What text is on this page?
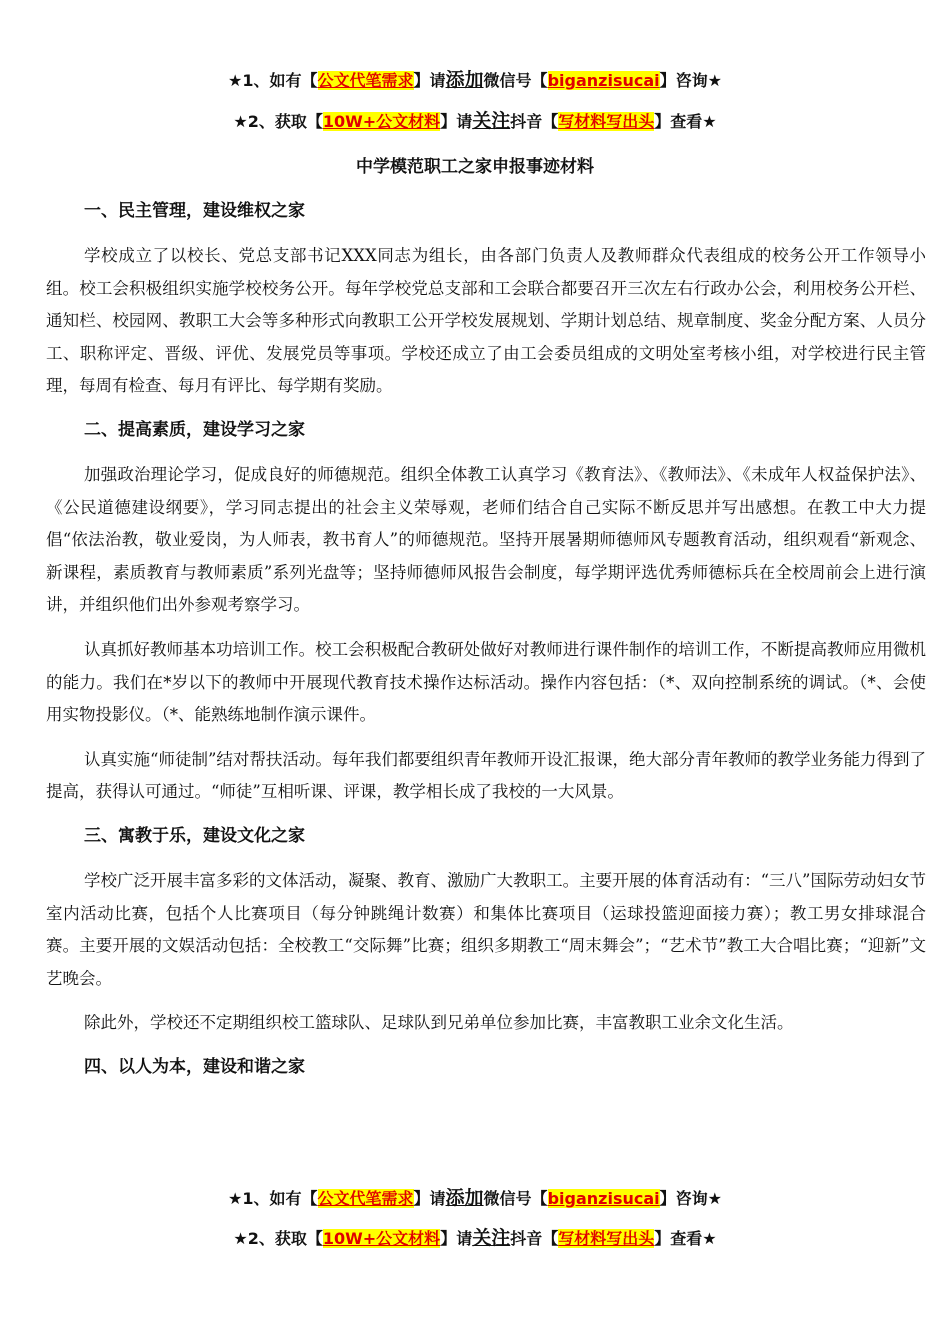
★1、如有【公文代笔需求】请添加微信号【biganzisucai】咨询★
★2、获取【10W+公文材料】请关注抖音【写材料写出头】查看★
中学模范职工之家申报事迹材料
一、民主管理，建设维权之家
学校成立了以校长、党总支部书记XXX同志为组长，由各部门负责人及教师群众代表组成的校务公开工作领导小组。校工会积极组织实施学校校务公开。每年学校党总支部和工会联合都要召开三次左右行政办公会，利用校务公开栏、通知栏、校园网、教职工大会等多种形式向教职工公开学校发展规划、学期计划总结、规章制度、奖金分配方案、人员分工、职称评定、晋级、评优、发展党员等事项。学校还成立了由工会委员组成的文明处室考核小组，对学校进行民主管理，每周有检查、每月有评比、每学期有奖励。
二、提高素质，建设学习之家
加强政治理论学习，促成良好的师德规范。组织全体教工认真学习《教育法》、《教师法》、《未成年人权益保护法》、《公民道德建设纲要》，学习同志提出的社会主义荣辱观，老师们结合自己实际不断反思并写出感想。在教工中大力提倡“依法治教，敬业爱岗，为人师表，教书育人”的师德规范。坚持开展暑期师德师风专题教育活动，组织观看“新观念、新课程，素质教育与教师素质”系列光盘等；坚持师德师风报告会制度，每学期评选优秀师德标兵在全校周前会上进行演讲，并组织他们出外参观考察学习。
认真抓好教师基本功培训工作。校工会积极配合教研处做好对教师进行课件制作的培训工作，不断提高教师应用微机的能力。我们在*岁以下的教师中开展现代教育技术操作达标活动。操作内容包括：（*、双向控制系统的调试。（*、会使用实物投影仪。（*、能熟练地制作演示课件。
认真实施“师徒制”结对帮扶活动。每年我们都要组织青年教师开设汇报课，绝大部分青年教师的教学业务能力得到了提高，获得认可通过。“师徒”互相听课、评课，教学相长成了我校的一大风景。
三、寓教于乐，建设文化之家
学校广泛开展丰富多彩的文体活动，凝聚、教育、激励广大教职工。主要开展的体育活动有：“三八”国际劳动妇女节室内活动比赛，包括个人比赛项目（每分钟跳绳计数赛）和集体比赛项目（运球投篮迎面接力赛）；教工男女排球混合赛。主要开展的文娱活动包括：全校教工“交际舞”比赛；组织多期教工“周末舞会”；“艺术节”教工大合唱比赛；“迎新”文艺晚会。
除此外，学校还不定期组织校工篮球队、足球队到兄弟单位参加比赛，丰富教职工业余文化生活。
四、以人为本，建设和谐之家
★1、如有【公文代笔需求】请添加微信号【biganzisucai】咨询★
★2、获取【10W+公文材料】请关注抖音【写材料写出头】查看★
